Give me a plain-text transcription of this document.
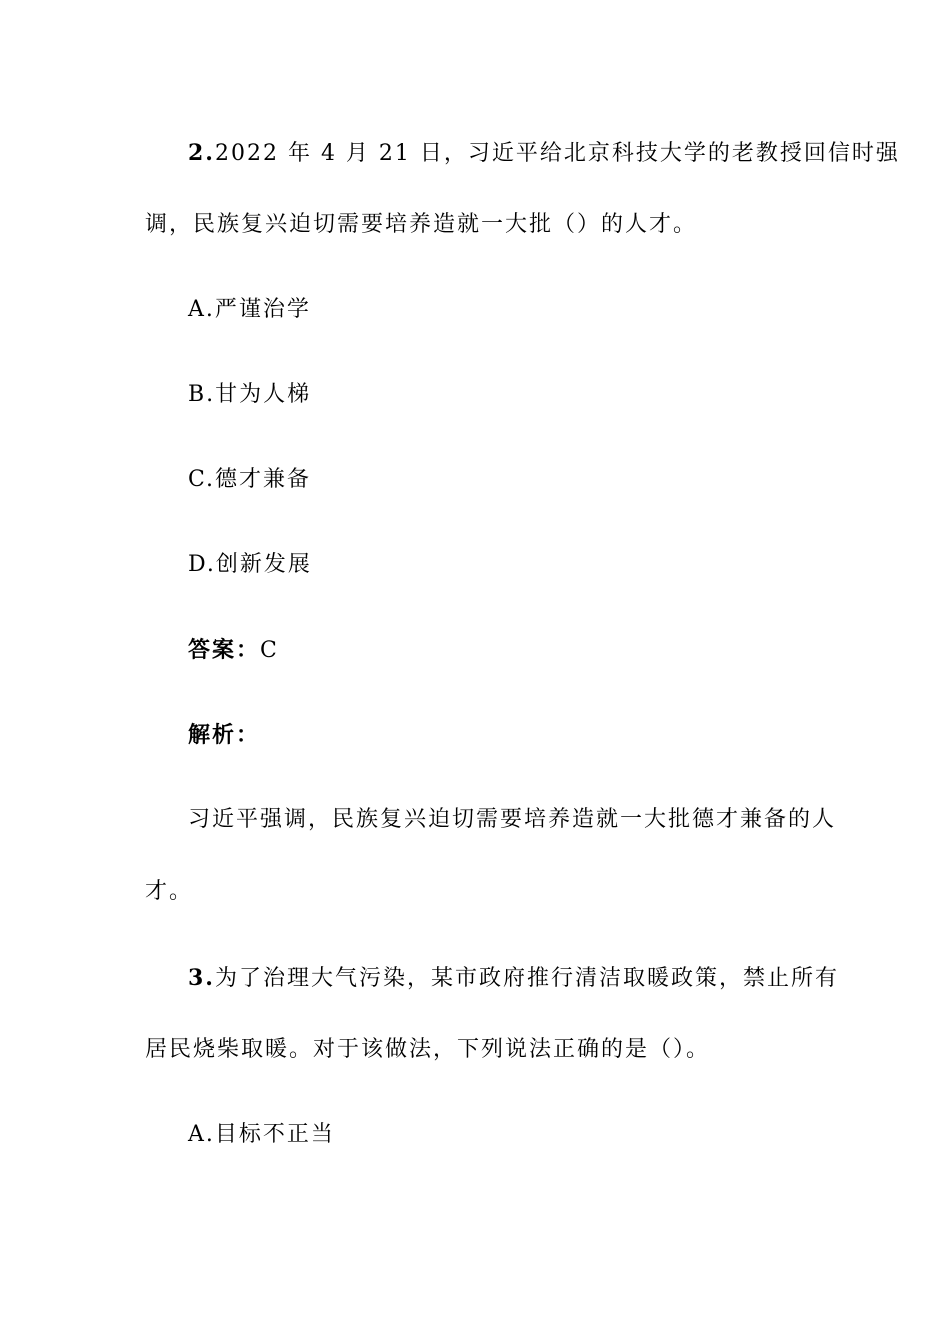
2.2022 年 4 月 21 日，习近平给北京科技大学的老教授回信时强
调，民族复兴迫切需要培养造就一大批（）的人才。
A.严谨治学
B.甘为人梯
C.德才兼备
D.创新发展
答案：C
解析：
习近平强调，民族复兴迫切需要培养造就一大批德才兼备的人
才。
3.为了治理大气污染，某市政府推行清洁取暖政策，禁止所有
居民烧柴取暖。对于该做法，下列说法正确的是（）。
A.目标不正当
